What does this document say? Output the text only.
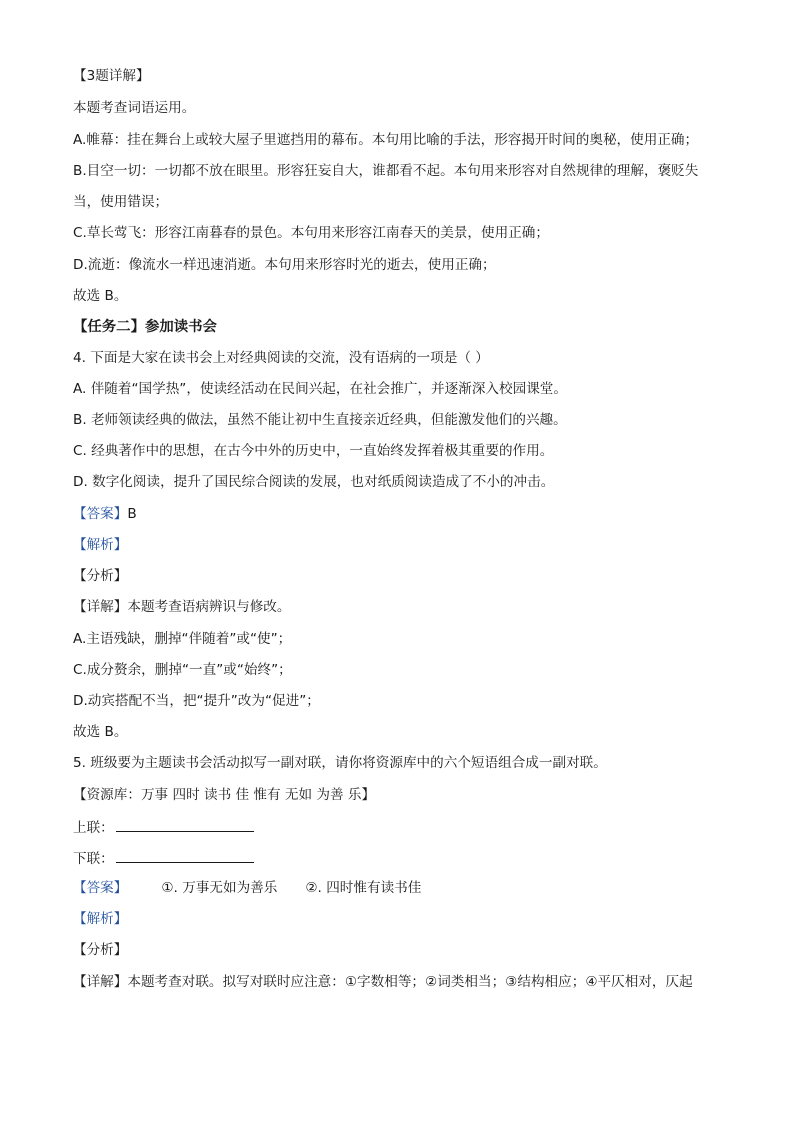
【3题详解】
本题考查词语运用。
A.帷幕：挂在舞台上或较大屋子里遮挡用的幕布。本句用比喻的手法，形容揭开时间的奥秘，使用正确；
B.目空一切：一切都不放在眼里。形容狂妄自大，谁都看不起。本句用来形容对自然规律的理解，褒贬失
当，使用错误；
C.草长莺飞：形容江南暮春的景色。本句用来形容江南春天的美景，使用正确；
D.流逝：像流水一样迅速消逝。本句用来形容时光的逝去，使用正确；
故选 B。
【任务二】参加读书会
4. 下面是大家在读书会上对经典阅读的交流，没有语病的一项是（ ）
A. 伴随着“国学热”，使读经活动在民间兴起，在社会推广，并逐渐深入校园课堂。
B. 老师领读经典的做法，虽然不能让初中生直接亲近经典，但能激发他们的兴趣。
C. 经典著作中的思想，在古今中外的历史中，一直始终发挥着极其重要的作用。
D. 数字化阅读，提升了国民综合阅读的发展，也对纸质阅读造成了不小的冲击。
【答案】B
【解析】
【分析】
【详解】本题考查语病辨识与修改。
A.主语残缺，删掉“伴随着”或“使”；
C.成分赘余，删掉“一直”或“始终”；
D.动宾搭配不当，把“提升”改为“促进”；
故选 B。
5. 班级要为主题读书会活动拟写一副对联，请你将资源库中的六个短语组合成一副对联。
【资源库：万事 四时 读书 佳 惟有 无如 为善 乐】
上联：
下联：
【答案】	①. 万事无如为善乐 ②. 四时惟有读书佳
【解析】
【分析】
【详解】本题考查对联。拟写对联时应注意：①字数相等；②词类相当；③结构相应；④平仄相对，仄起
